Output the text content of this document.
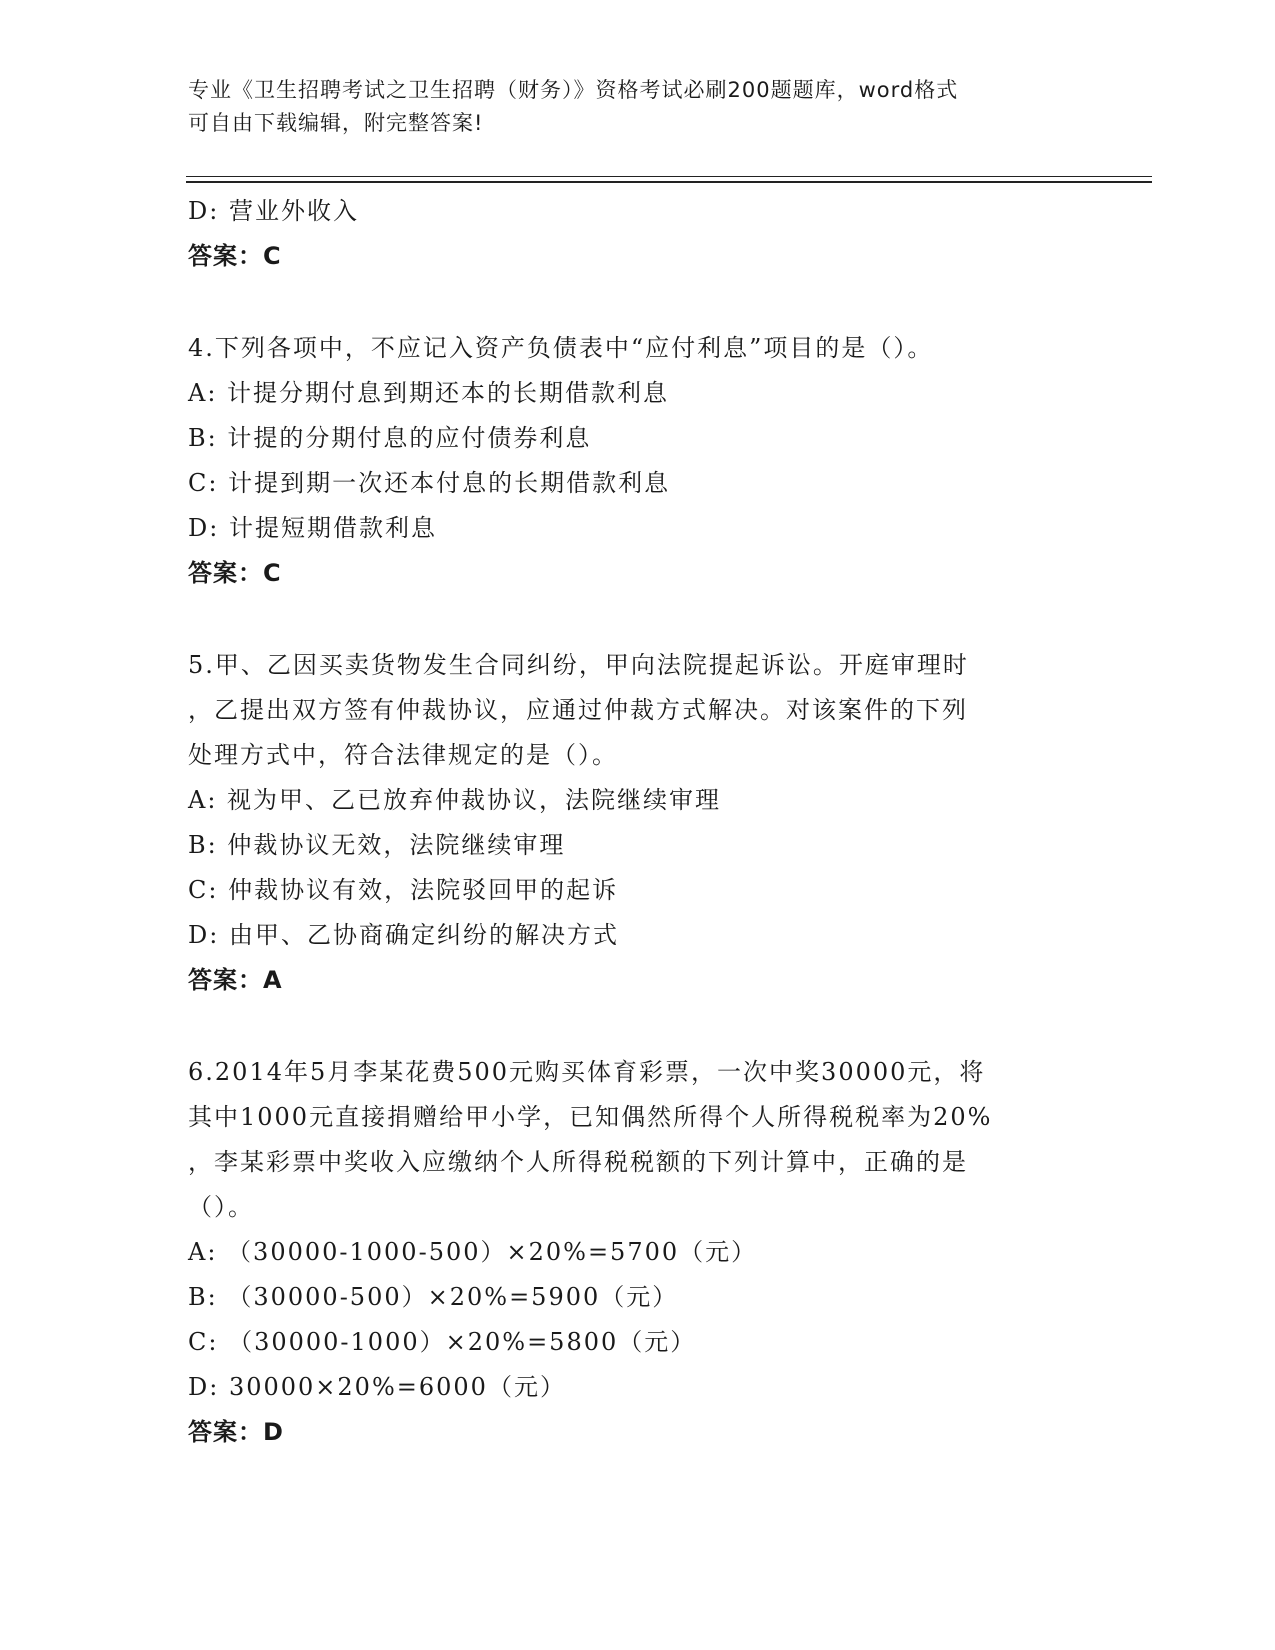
专业《卫生招聘考试之卫生招聘（财务）》资格考试必刷200题题库，word格式
可自由下载编辑，附完整答案!
D: 营业外收入
答案：C
4.下列各项中，不应记入资产负债表中“应付利息”项目的是（）。
A: 计提分期付息到期还本的长期借款利息
B: 计提的分期付息的应付债券利息
C: 计提到期一次还本付息的长期借款利息
D: 计提短期借款利息
答案：C
5.甲、乙因买卖货物发生合同纠纷，甲向法院提起诉讼。开庭审理时
，乙提出双方签有仲裁协议，应通过仲裁方式解决。对该案件的下列
处理方式中，符合法律规定的是（）。
A: 视为甲、乙已放弃仲裁协议，法院继续审理
B: 仲裁协议无效，法院继续审理
C: 仲裁协议有效，法院驳回甲的起诉
D: 由甲、乙协商确定纠纷的解决方式
答案：A
6.2014年5月李某花费500元购买体育彩票，一次中奖30000元，将
其中1000元直接捐赠给甲小学，已知偶然所得个人所得税税率为20%
，李某彩票中奖收入应缴纳个人所得税税额的下列计算中，正确的是
（）。
A: （30000-1000-500）×20%=5700（元）
B: （30000-500）×20%=5900（元）
C: （30000-1000）×20%=5800（元）
D: 30000×20%=6000（元）
答案：D
